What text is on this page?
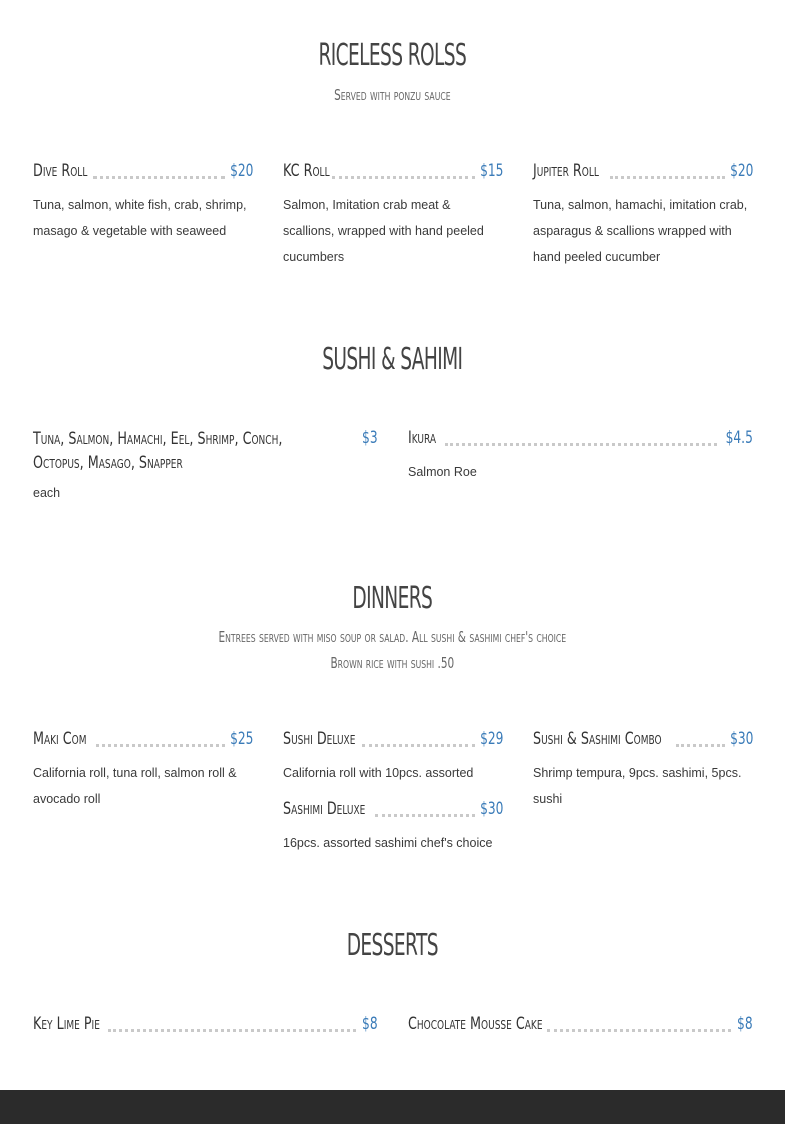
RICELESS ROLSS
Served with ponzu sauce
Dive Roll	$20
Tuna, salmon, white fish, crab, shrimp, masago & vegetable with seaweed
KC Roll	$15
Salmon, Imitation crab meat & scallions, wrapped with hand peeled cucumbers
Jupiter Roll	$20
Tuna, salmon, hamachi, imitation crab, asparagus & scallions wrapped with hand peeled cucumber
SUSHI & SAHIMI
Tuna, Salmon, Hamachi, Eel, Shrimp, Conch, Octopus, Masago, Snapper
$3
each
Ikura	$4.5
Salmon Roe
DINNERS
Entrees served with miso soup or salad. All sushi & sashimi chef's choice
Brown rice with sushi .50
Maki Com	$25
California roll, tuna roll, salmon roll & avocado roll
Sushi Deluxe	$29
California roll with 10pcs. assorted
Sashimi Deluxe	$30
16pcs. assorted sashimi chef's choice
Sushi & Sashimi Combo	$30
Shrimp tempura, 9pcs. sashimi, 5pcs. sushi
DESSERTS
Key Lime Pie	$8 Chocolate Mousse Cake	$8
